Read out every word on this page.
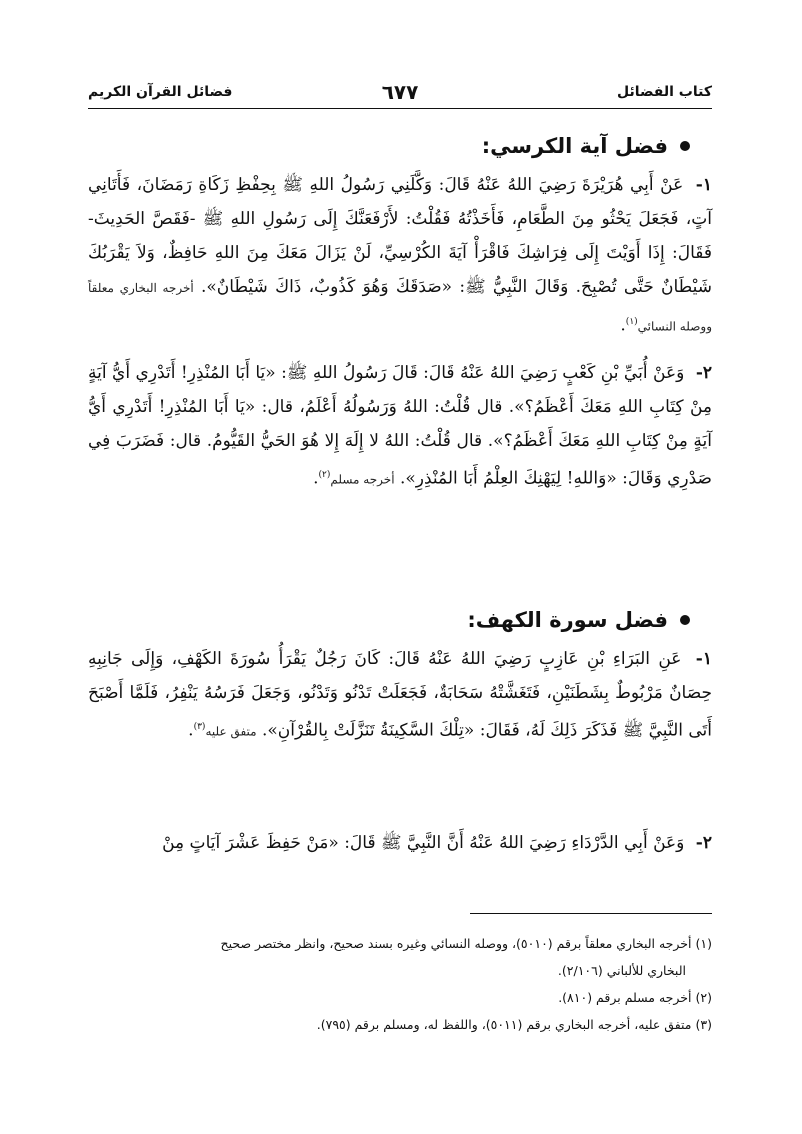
كتاب الفضائل
٦٧٧
فضائل القرآن الكريم
فضل آية الكرسي:
١- عَنْ أَبِي هُرَيْرَةَ رَضِيَ اللهُ عَنْهُ قَالَ: وَكَّلَنِي رَسُولُ اللهِ ﷺ بِحِفْظِ زَكَاةِ رَمَضَانَ، فَأَتَانِي آتٍ، فَجَعَلَ يَحْثُو مِنَ الطَّعَامِ، فَأَخَذْتُهُ فَقُلْتُ: لأَرْفَعَنَّكَ إِلَى رَسُولِ اللهِ ﷺ -فَقَصَّ الحَدِيثَ- فَقَالَ: إِذَا أَوَيْتَ إِلَى فِرَاشِكَ فَاقْرَأْ آيَةَ الكُرْسِيِّ، لَنْ يَزَالَ مَعَكَ مِنَ اللهِ حَافِظٌ، وَلاَ يَقْرَبُكَ شَيْطَانٌ حَتَّى تُصْبِحَ. وَقَالَ النَّبِيُّ ﷺ: «صَدَقَكَ وَهُوَ كَذُوبٌ، ذَاكَ شَيْطَانٌ». أخرجه البخاري معلقاً ووصله النسائي$^{(١)}$.
٢- وَعَنْ أُبَيِّ بْنِ كَعْبٍ رَضِيَ اللهُ عَنْهُ قَالَ: قَالَ رَسُولُ اللهِ ﷺ: «يَا أَبَا المُنْذِرِ! أَتَدْرِي أَيُّ آيَةٍ مِنْ كِتَابِ اللهِ مَعَكَ أَعْظَمُ؟». قال قُلْتُ: اللهُ وَرَسُولُهُ أَعْلَمُ، قال: «يَا أَبَا المُنْذِرِ! أَتَدْرِي أَيُّ آيَةٍ مِنْ كِتَابِ اللهِ مَعَكَ أَعْظَمُ؟». قال قُلْتُ: اللهُ لا إِلَهَ إِلا هُوَ الحَيُّ القَيُّومُ. قال: فَضَرَبَ فِي صَدْرِي وَقَالَ: «وَاللهِ! لِيَهْنِكَ العِلْمُ أَبَا المُنْذِرِ». أخرجه مسلم$^{(٢)}$.
فضل سورة الكهف:
١- عَنِ البَرَاءِ بْنِ عَازِبٍ رَضِيَ اللهُ عَنْهُ قَالَ: كَانَ رَجُلٌ يَقْرَأُ سُورَةَ الكَهْفِ، وَإِلَى جَانِبِهِ حِصَانٌ مَرْبُوطٌ بِشَطَنَيْنِ، فَتَغَشَّتْهُ سَحَابَةٌ، فَجَعَلَتْ تَدْنُو وَتَدْنُو، وَجَعَلَ فَرَسُهُ يَنْفِرُ، فَلَمَّا أَصْبَحَ أَتَى النَّبِيَّ ﷺ فَذَكَرَ ذَلِكَ لَهُ، فَقَالَ: «تِلْكَ السَّكِينَةُ تَنَزَّلَتْ بِالقُرْآنِ». متفق عليه$^{(٣)}$.
٢- وَعَنْ أَبِي الدَّرْدَاءِ رَضِيَ اللهُ عَنْهُ أَنَّ النَّبِيَّ ﷺ قَالَ: «مَنْ حَفِظَ عَشْرَ آيَاتٍ مِنْ

(١)أخرجه البخاري معلقاً برقم (٥٠١٠)، ووصله النسائي وغيره بسند صحيح، وانظر مختصر صحيح
البخاري للألباني (٢/١٠٦).

(٢)أخرجه مسلم برقم (٨١٠).

(٣)متفق عليه، أخرجه البخاري برقم (٥٠١١)، واللفظ له، ومسلم برقم (٧٩٥).
